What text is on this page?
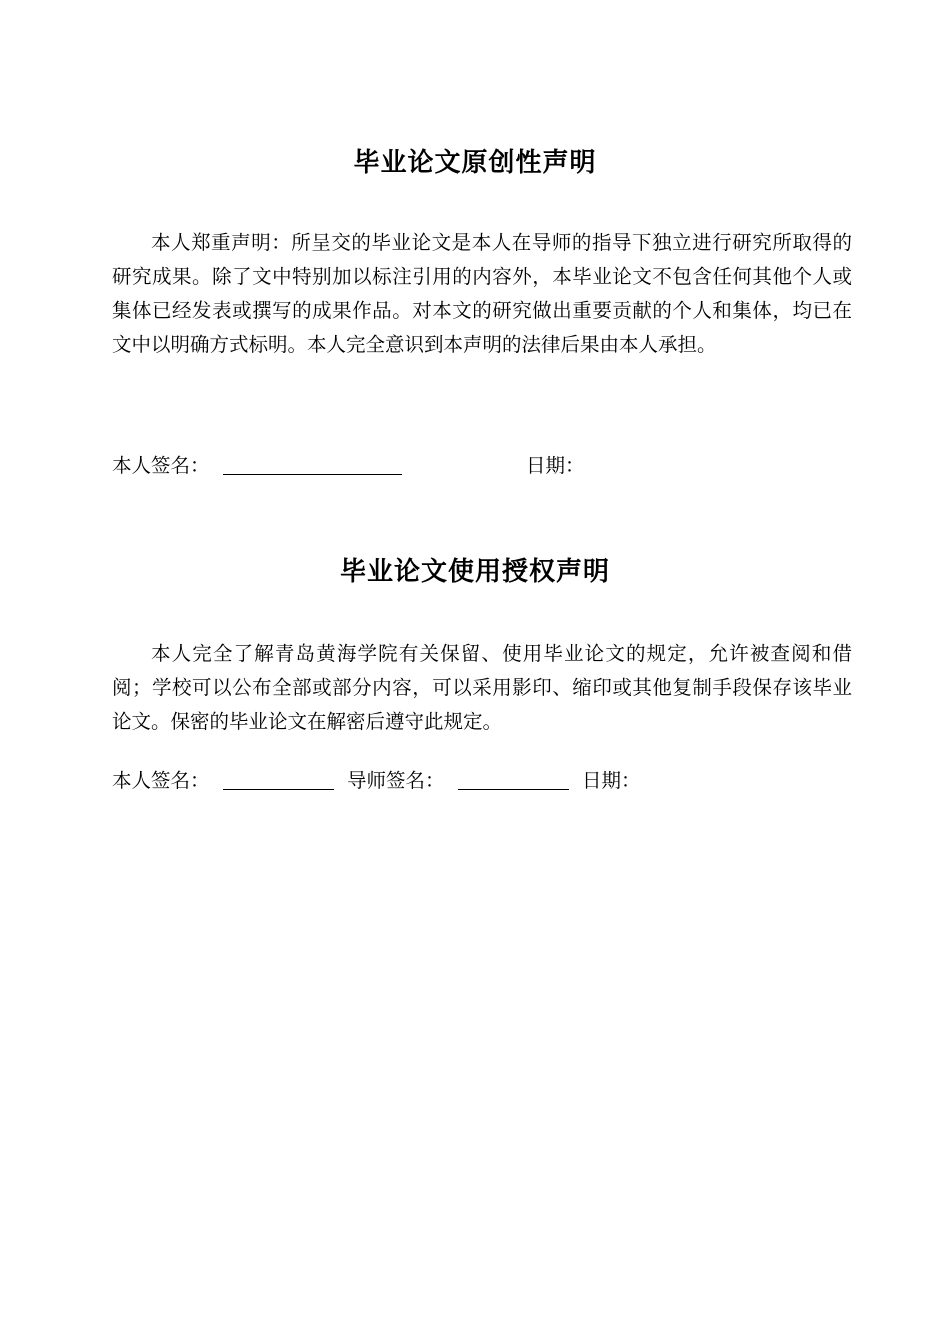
毕业论文原创性声明
本人郑重声明：所呈交的毕业论文是本人在导师的指导下独立进行研究所取得的研究成果。除了文中特别加以标注引用的内容外，本毕业论文不包含任何其他个人或集体已经发表或撰写的成果作品。对本文的研究做出重要贡献的个人和集体，均已在文中以明确方式标明。本人完全意识到本声明的法律后果由本人承担。
本人签名：	日期：
毕业论文使用授权声明
本人完全了解青岛黄海学院有关保留、使用毕业论文的规定，允许被查阅和借阅；学校可以公布全部或部分内容，可以采用影印、缩印或其他复制手段保存该毕业论文。保密的毕业论文在解密后遵守此规定。
本人签名：	导师签名：	日期：
